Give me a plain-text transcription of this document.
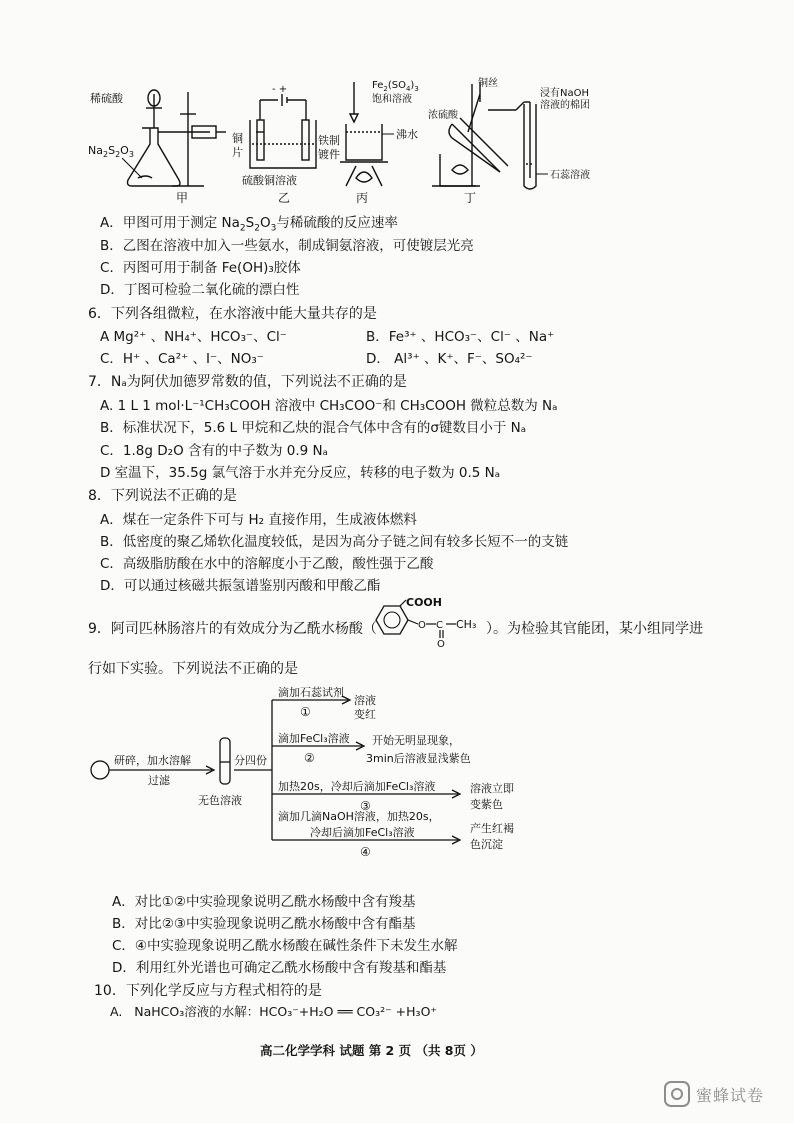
稀硫酸
$Na_2S_2O_3$
甲
- +
铜
片
铁制
镀件
硫酸铜溶液
乙
$Fe_2(SO_4)_3$
饱和溶液
沸水
丙
铜丝
浓硫酸
浸有NaOH
溶液的棉团
石蕊溶液
丁
A．甲图可用于测定 $Na_2S_2O_3$与稀硫酸的反应速率
B．乙图在溶液中加入一些氨水，制成铜氨溶液，可使镀层光亮
C．丙图可用于制备 Fe(OH)₃胶体
D．丁图可检验二氧化硫的漂白性
6．下列各组微粒，在水溶液中能大量共存的是
A Mg²⁺ 、NH₄⁺、HCO₃⁻、Cl⁻	B．Fe³⁺ 、HCO₃⁻、Cl⁻ 、Na⁺
C．H⁺ 、Ca²⁺ 、I⁻、NO₃⁻	D． Al³⁺ 、K⁺、F⁻、SO₄²⁻
7．Nₐ为阿伏加德罗常数的值，下列说法不正确的是
A. 1 L 1 mol·L⁻¹CH₃COOH 溶液中 CH₃COO⁻和 CH₃COOH 微粒总数为 Nₐ
B．标准状况下，5.6 L 甲烷和乙炔的混合气体中含有的σ键数目小于 Nₐ
C．1.8g D₂O 含有的中子数为 0.9 Nₐ
D 室温下，35.5g 氯气溶于水并充分反应，转移的电子数为 0.5 Nₐ
8．下列说法不正确的是
A．煤在一定条件下可与 H₂ 直接作用，生成液体燃料
B．低密度的聚乙烯软化温度较低，是因为高分子链之间有较多长短不一的支链
C．高级脂肪酸在水中的溶解度小于乙酸，酸性强于乙酸
D．可以通过核磁共振氢谱鉴别丙酸和甲酸乙酯
9．阿司匹林肠溶片的有效成分为乙酰水杨酸（
COOH
O C
O
CH₃ ）。为检验其官能团，某小组同学进
行如下实验。下列说法不正确的是
研碎，加水溶解
过滤
无色溶液
分四份
滴加石蕊试剂
①
溶液
变红
滴加FeCl₃溶液
②
开始无明显现象，
3min后溶液显浅紫色
加热20s，冷却后滴加FeCl₃溶液
③
溶液立即
变紫色
滴加几滴NaOH溶液，加热20s，
冷却后滴加FeCl₃溶液
④
产生红褐
色沉淀
A．对比①②中实验现象说明乙酰水杨酸中含有羧基
B．对比②③中实验现象说明乙酰水杨酸中含有酯基
C．④中实验现象说明乙酰水杨酸在碱性条件下未发生水解
D．利用红外光谱也可确定乙酰水杨酸中含有羧基和酯基
10．下列化学反应与方程式相符的是
A. NaHCO₃溶液的水解：HCO₃⁻+H₂O ══ CO₃²⁻ +H₃O⁺
高二化学学科 试题 第 2 页 （共 8页 ）
蜜蜂试卷
